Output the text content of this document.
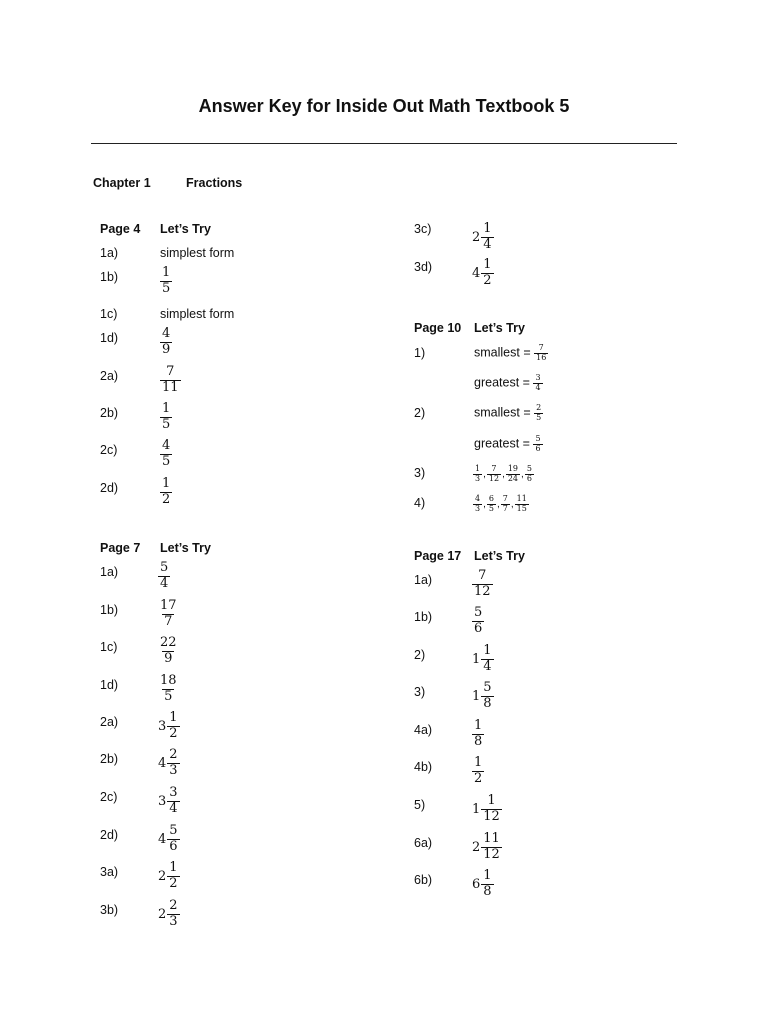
Answer Key for Inside Out Math Textbook 5
Chapter 1	Fractions
Page 4 Let’s Try
1a)	simplest form
1b)	$\frac{1}{5}$
1c)	simplest form
1d)	$\frac{4}{9}$
2a)	$\frac{7}{11}$
2b)	$\frac{1}{5}$
2c)	$\frac{4}{5}$
2d)	$\frac{1}{2}$
Page 7 Let’s Try
1a)	$\frac{5}{4}$
1b)	$\frac{17}{7}$
1c)	$\frac{22}{9}$
1d)	$\frac{18}{5}$
2a)	$3 \frac{1}{2}$
2b)	$4 \frac{2}{3}$
2c)	$3 \frac{3}{4}$
2d)	$4 \frac{5}{6}$
3a)	$2 \frac{1}{2}$
3b)	$2 \frac{2}{3}$
3c)
$2 \frac{1}{4}$
3d)	$4 \frac{1}{2}$
Page 10 Let’s Try
1)	smallest = $\frac{7}{16}$
greatest = $\frac{3}{4}$
2)	smallest = $\frac{2}{5}$
greatest = $\frac{5}{6}$
3)	$\frac{1}{3}$ , $\frac{7}{12}$ , $\frac{19}{24}$ , $\frac{5}{6}$
4)	$\frac{4}{3}$ , $\frac{6}{5}$ , $\frac{7}{7}$ , $\frac{11}{15}$
Page 17 Let’s Try
1a)	$\frac{7}{12}$
1b)	$\frac{5}{6}$
2)	$1 \frac{1}{4}$
3)	$1 \frac{5}{8}$
4a)	$\frac{1}{8}$
4b)	$\frac{1}{2}$
5)	$1 \frac{1}{12}$
6a)	$2 \frac{11}{12}$
6b)	$6 \frac{1}{8}$
